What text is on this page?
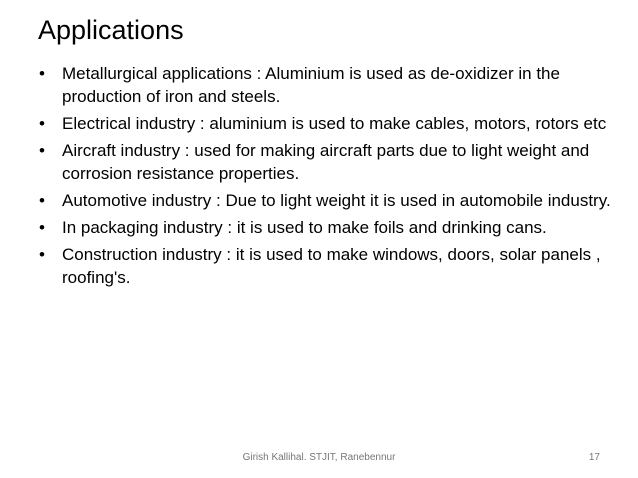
Applications
• Metallurgical applications : Aluminium is used as de-oxidizer in the production of iron and steels.
• Electrical industry : aluminium is used to make cables, motors, rotors etc
• Aircraft industry : used for making aircraft parts due to light weight and corrosion resistance properties.
• Automotive industry : Due to light weight it is used in automobile industry.
• In packaging industry : it is used to make foils and drinking cans.
• Construction industry : it is used to make windows, doors, solar panels , roofing's.
Girish Kallihal. STJIT, Ranebennur	17
